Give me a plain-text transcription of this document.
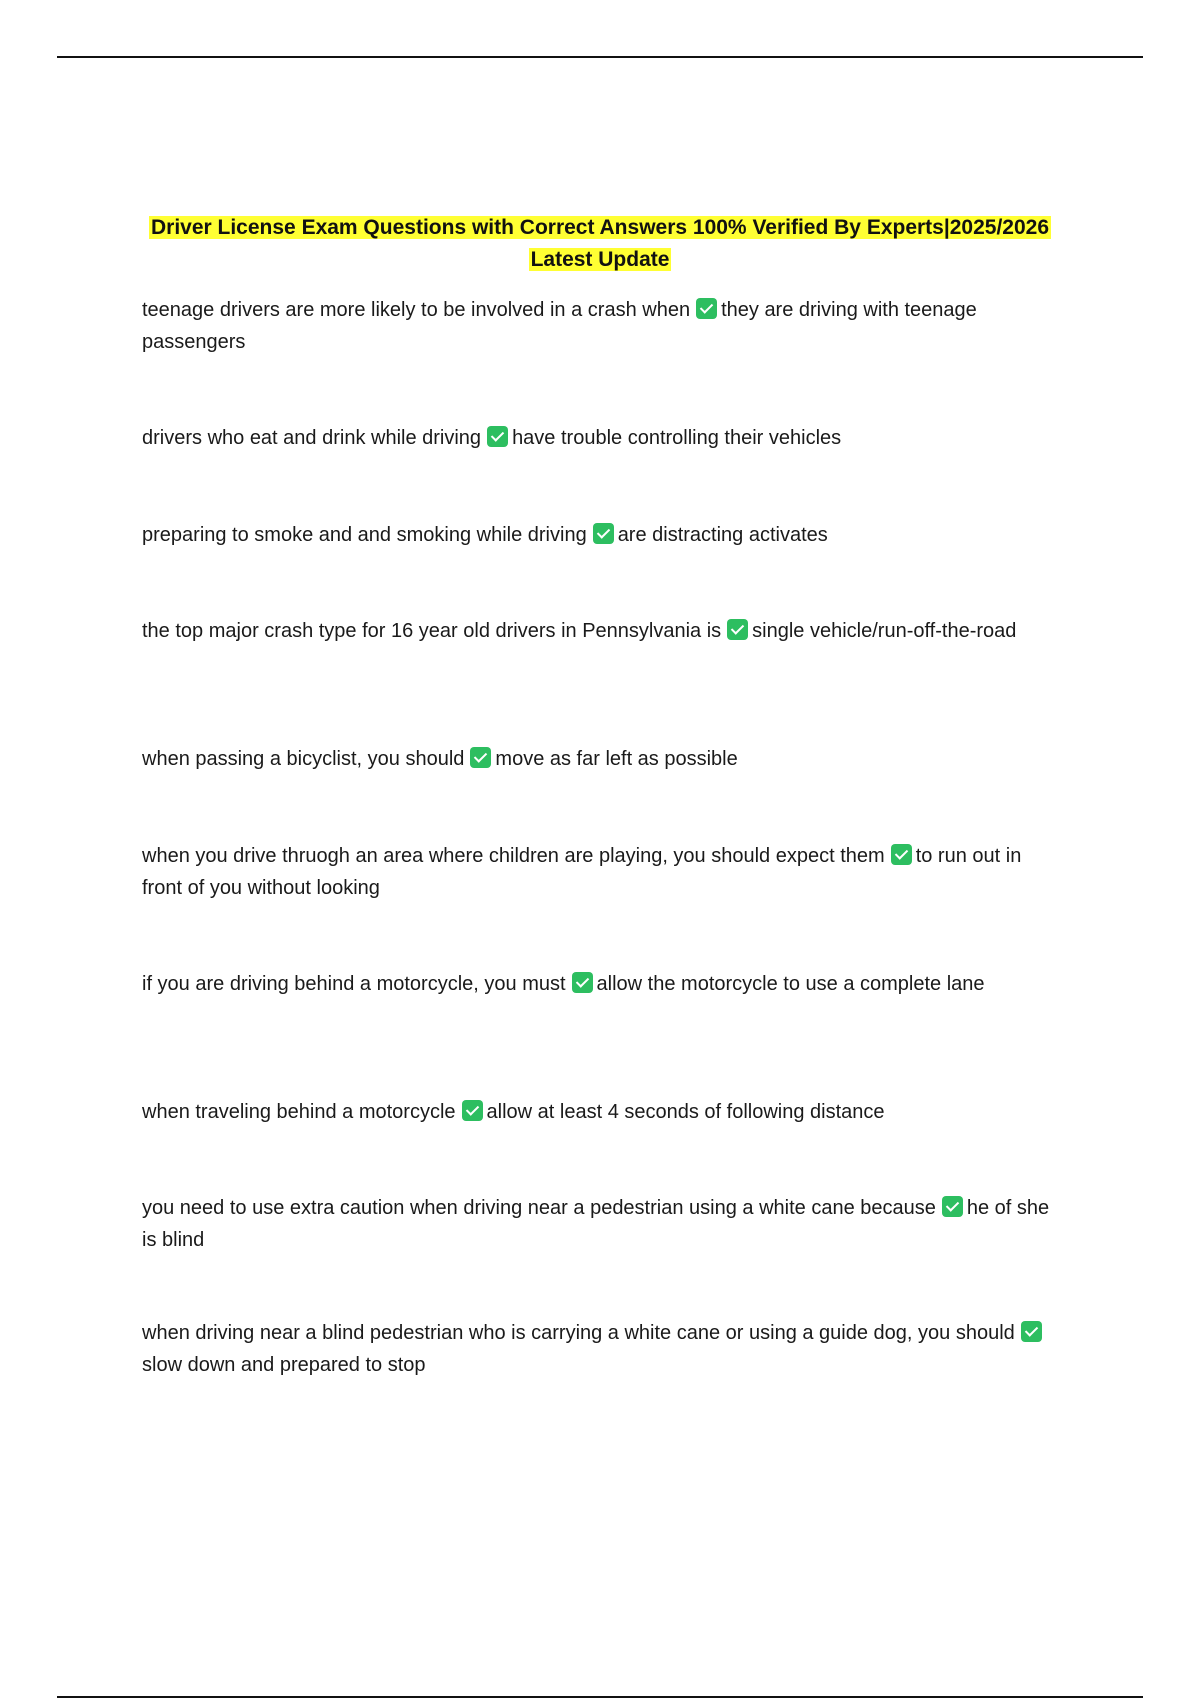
Driver License Exam Questions with Correct Answers 100% Verified By Experts|2025/2026
Latest Update
teenage drivers are more likely to be involved in a crash when they are driving with teenage passengers
drivers who eat and drink while driving have trouble controlling their vehicles
preparing to smoke and and smoking while driving are distracting activates
the top major crash type for 16 year old drivers in Pennsylvania is single vehicle/run-off-the-road
when passing a bicyclist, you should move as far left as possible
when you drive thruogh an area where children are playing, you should expect them to run out in front of you without looking
if you are driving behind a motorcycle, you must allow the motorcycle to use a complete lane
when traveling behind a motorcycle allow at least 4 seconds of following distance
you need to use extra caution when driving near a pedestrian using a white cane because he of she is blind
when driving near a blind pedestrian who is carrying a white cane or using a guide dog, you shouldslow down and prepared to stop
